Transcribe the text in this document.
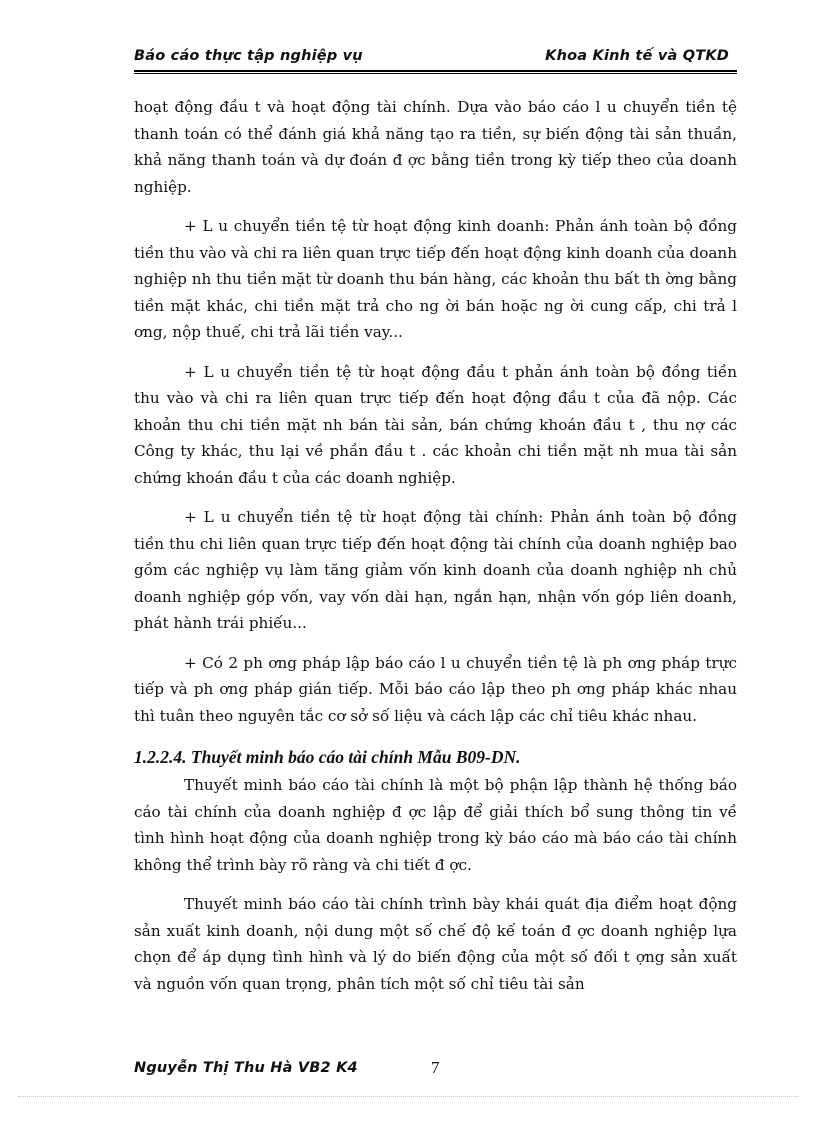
Báo cáo thực tập nghiệp vụ	Khoa Kinh tế và QTKD

hoạt động đầu t và hoạt động tài chính. Dựa vào báo cáo l u chuyển tiền tệ thanh toán có thể đánh giá khả năng tạo ra tiền, sự biến động tài sản thuần, khả năng thanh toán và dự đoán đ ợc bằng tiền trong kỳ tiếp theo của doanh nghiệp.

+ L u chuyển tiền tệ từ hoạt động kinh doanh: Phản ánh toàn bộ đồng tiền thu vào và chi ra liên quan trực tiếp đến hoạt động kinh doanh của doanh nghiệp nh thu tiền mặt từ doanh thu bán hàng, các khoản thu bất th ờng bằng tiền mặt khác, chi tiền mặt trả cho ng ời bán hoặc ng ời cung cấp, chi trả l ơng, nộp thuế, chi trả lãi tiền vay...

+ L u chuyển tiền tệ từ hoạt động đầu t phản ánh toàn bộ đồng tiền thu vào và chi ra liên quan trực tiếp đến hoạt động đầu t của đã nộp. Các khoản thu chi tiền mặt nh bán tài sản, bán chứng khoán đầu t , thu nợ các Công ty khác, thu lại về phần đầu t . các khoản chi tiền mặt nh mua tài sản chứng khoán đầu t của các doanh nghiệp.

+ L u chuyển tiền tệ từ hoạt động tài chính: Phản ánh toàn bộ đồng tiền thu chi liên quan trực tiếp đến hoạt động tài chính của doanh nghiệp bao gồm các nghiệp vụ làm tăng giảm vốn kinh doanh của doanh nghiệp nh chủ doanh nghiệp góp vốn, vay vốn dài hạn, ngắn hạn, nhận vốn góp liên doanh, phát hành trái phiếu...

+ Có 2 ph ơng pháp lập báo cáo l u chuyển tiền tệ là ph ơng pháp trực tiếp và ph ơng pháp gián tiếp. Mỗi báo cáo lập theo ph ơng pháp khác nhau thì tuân theo nguyên tắc cơ sở số liệu và cách lập các chỉ tiêu khác nhau.

1.2.2.4. Thuyết minh báo cáo tài chính Mẫu B09-DN.

Thuyết minh báo cáo tài chính là một bộ phận lập thành hệ thống báo cáo tài chính của doanh nghiệp đ ợc lập để giải thích bổ sung thông tin về tình hình hoạt động của doanh nghiệp trong kỳ báo cáo mà báo cáo tài chính không thể trình bày rõ ràng và chi tiết đ ợc.

Thuyết minh báo cáo tài chính trình bày khái quát địa điểm hoạt động sản xuất kinh doanh, nội dung một số chế độ kế toán đ ợc doanh nghiệp lựa chọn để áp dụng tình hình và lý do biến động của một số đối t ợng sản xuất và nguồn vốn quan trọng, phân tích một số chỉ tiêu tài sản

Nguyễn Thị Thu Hà VB2 K4	7
